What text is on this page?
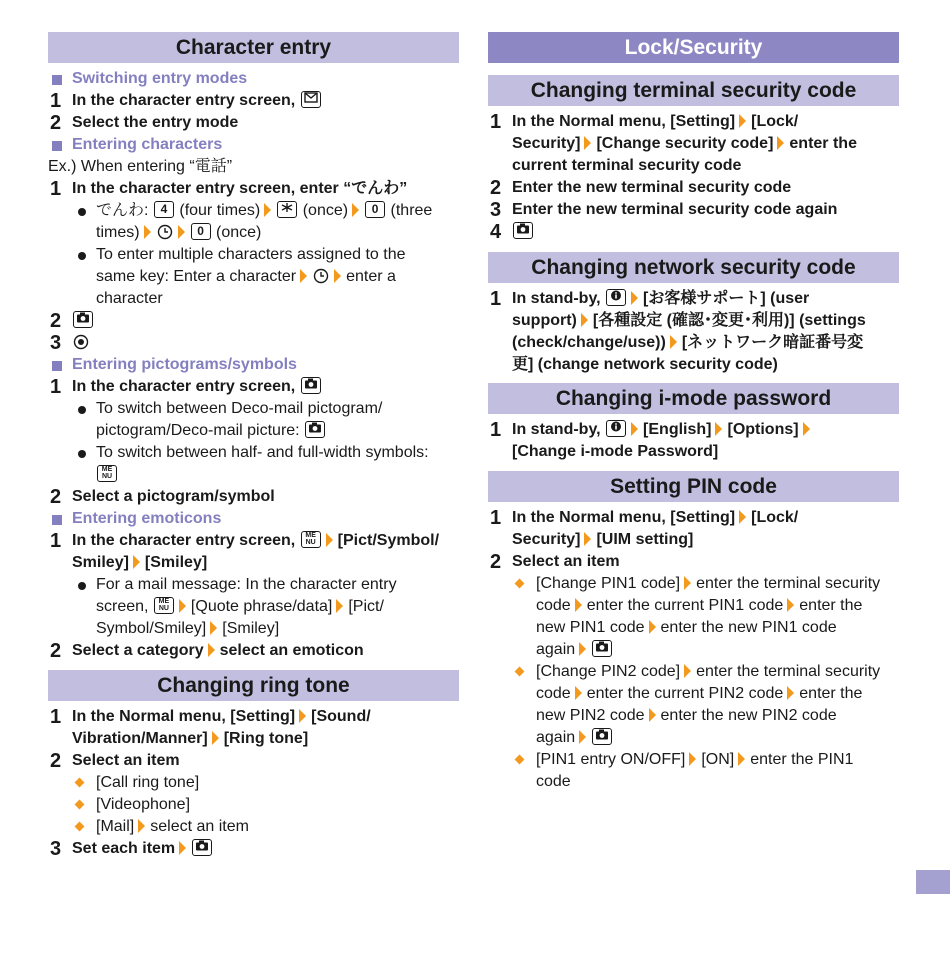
Character entry
Switching entry modes
1 In the character entry screen,
2 Select the entry mode
Entering characters
Ex.) When entering “電話”
1 In the character entry screen, enter “でんわ”
でんわ: 4 (four times)	(once) 0 (three
times)	0 (once)
To enter multiple characters assigned to the
same key: Enter a character	enter a
character
2
3
Entering pictograms/symbols
1 In the character entry screen,
To switch between Deco-mail pictogram/
pictogram/Deco-mail picture:
To switch between half- and full-width symbols:
ME NU
2 Select a pictogram/symbol
Entering emoticons
1 In the character entry screen, ME NU [Pict/Symbol/
Smiley] [Smiley]
For a mail message: In the character entry
screen, ME NU [Quote phrase/data] [Pict/
Symbol/Smiley] [Smiley]
2 Select a category select an emoticon
Changing ring tone
1 In the Normal menu, [Setting] [Sound/
Vibration/Manner] [Ring tone]
2 Select an item
[Call ring tone]
[Videophone]
[Mail] select an item
3 Set each item
Lock/Security
Changing terminal security code
1 In the Normal menu, [Setting] [Lock/
Security] [Change security code] enter the
current terminal security code
2 Enter the new terminal security code
3 Enter the new terminal security code again
4
Changing network security code
1 In stand-by,	[お客様サポート] (user
support) [各種設定 (確認･変更･利用)] (settings
(check/change/use)) [ネットワーク暗証番号変
更] (change network security code)
Changing i-mode password
1 In stand-by,	[English] [Options]
[Change i-mode Password]
Setting PIN code
1 In the Normal menu, [Setting] [Lock/
Security] [UIM setting]
2 Select an item
[Change PIN1 code] enter the terminal security
code enter the current PIN1 code enter the
new PIN1 code enter the new PIN1 code
again
[Change PIN2 code] enter the terminal security
code enter the current PIN2 code enter the
new PIN2 code enter the new PIN2 code
again
[PIN1 entry ON/OFF] [ON] enter the PIN1
code
